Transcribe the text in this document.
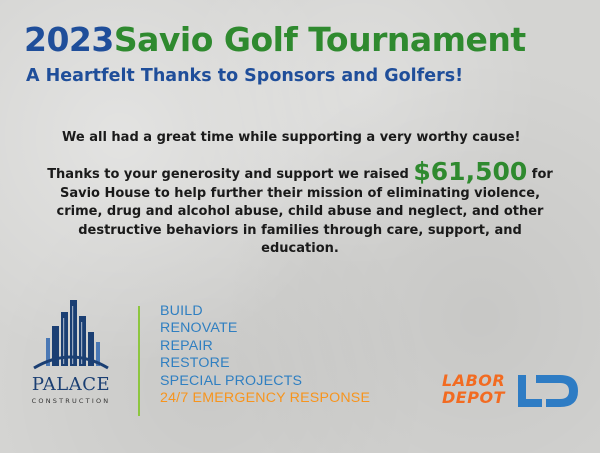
2023Savio Golf Tournament
A Heartfelt Thanks to Sponsors and Golfers!
We all had a great time while supporting a very worthy cause!
Thanks to your generosity and support we raised $61,500 for Savio House to help further their mission of eliminating violence, crime, drug and alcohol abuse, child abuse and neglect, and other destructive behaviors in families through care, support, and education.
PALACE
CONSTRUCTION
BUILD
RENOVATE
REPAIR
RESTORE
SPECIAL PROJECTS
24/7 EMERGENCY RESPONSE
LABOR
DEPOT
